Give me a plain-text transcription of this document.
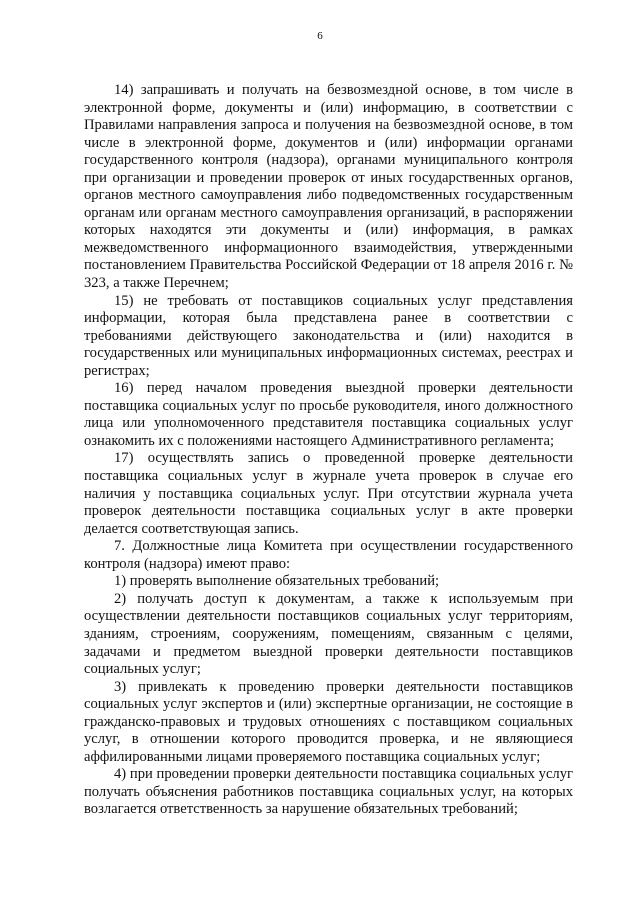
6

14) запрашивать и получать на безвозмездной основе, в том числе в электронной форме, документы и (или) информацию, в соответствии с Правилами направления запроса и получения на безвозмездной основе, в том числе в электронной форме, документов и (или) информации органами государственного контроля (надзора), органами муниципального контроля при организации и проведении проверок от иных государственных органов, органов местного самоуправления либо подведомственных государственным органам или органам местного самоуправления организаций, в распоряжении которых находятся эти документы и (или) информация, в рамках межведомственного информационного взаимодействия, утвержденными постановлением Правительства Российской Федерации от 18 апреля 2016 г. № 323, а также Перечнем;

15) не требовать от поставщиков социальных услуг представления информации, которая была представлена ранее в соответствии с требованиями действующего законодательства и (или) находится в государственных или муниципальных информационных системах, реестрах и регистрах;

16) перед началом проведения выездной проверки деятельности поставщика социальных услуг по просьбе руководителя, иного должностного лица или уполномоченного представителя поставщика социальных услуг ознакомить их с положениями настоящего Административного регламента;

17) осуществлять запись о проведенной проверке деятельности поставщика социальных услуг в журнале учета проверок в случае его наличия у поставщика социальных услуг. При отсутствии журнала учета проверок деятельности поставщика социальных услуг в акте проверки делается соответствующая запись.

7. Должностные лица Комитета при осуществлении государственного контроля (надзора) имеют право:

1) проверять выполнение обязательных требований;

2) получать доступ к документам, а также к используемым при осуществлении деятельности поставщиков социальных услуг территориям, зданиям, строениям, сооружениям, помещениям, связанным с целями, задачами и предметом выездной проверки деятельности поставщиков социальных услуг;

3) привлекать к проведению проверки деятельности поставщиков социальных услуг экспертов и (или) экспертные организации, не состоящие в гражданско-правовых и трудовых отношениях с поставщиком социальных услуг, в отношении которого проводится проверка, и не являющиеся аффилированными лицами проверяемого поставщика социальных услуг;

4) при проведении проверки деятельности поставщика социальных услуг получать объяснения работников поставщика социальных услуг, на которых возлагается ответственность за нарушение обязательных требований;
